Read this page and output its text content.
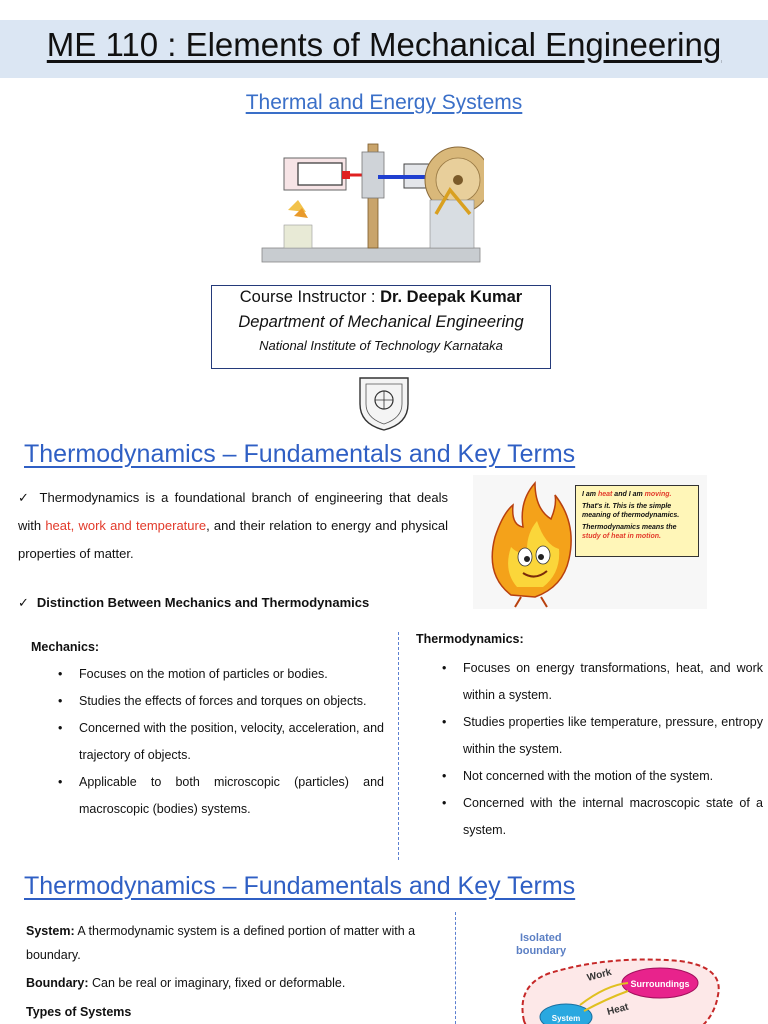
ME 110 : Elements of Mechanical Engineering
Thermal and Energy Systems
Course Instructor : Dr. Deepak Kumar
Department of Mechanical Engineering
National Institute of Technology Karnataka
Thermodynamics – Fundamentals and Key Terms
✓ Thermodynamics is a foundational branch of engineering that deals with heat, work and temperature, and their relation to energy and physical properties of matter.
I am heat and I am moving.
That's it. This is the simple meaning of thermodynamics.
Thermodynamics means the study of heat in motion.
✓ Distinction Between Mechanics and Thermodynamics
Mechanics:
• Focuses on the motion of particles or bodies.
• Studies the effects of forces and torques on objects.
• Concerned with the position, velocity, acceleration, and trajectory of objects.
• Applicable to both microscopic (particles) and macroscopic (bodies) systems.
Thermodynamics:
• Focuses on energy transformations, heat, and work within a system.
• Studies properties like temperature, pressure, entropy within the system.
• Not concerned with the motion of the system.
• Concerned with the internal macroscopic state of a system.
Thermodynamics – Fundamentals and Key Terms
System: A thermodynamic system is a defined portion of matter with a boundary.
Boundary: Can be real or imaginary, fixed or deformable.
Types of Systems
Isolated
boundary
Surroundings
System
Work
Heat
